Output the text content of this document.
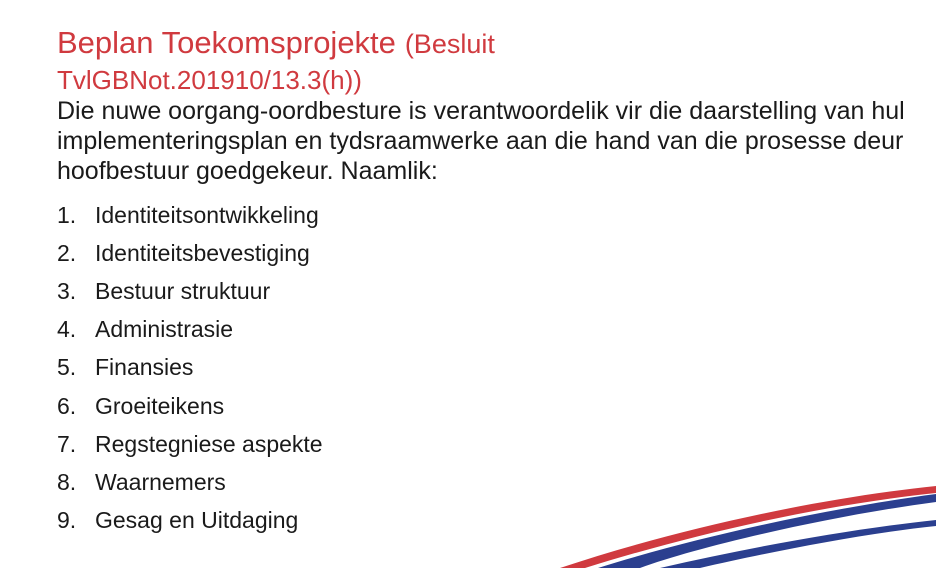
Beplan Toekomsprojekte (Besluit
TvlGBNot.201910/13.3(h))

Die nuwe oorgang-oordbesture is verantwoordelik vir die daarstelling van hul implementeringsplan en tydsraamwerke aan die hand van die prosesse deur hoofbestuur goedgekeur. Naamlik:

1. Identiteitsontwikkeling
2. Identiteitsbevestiging
3. Bestuur struktuur
4. Administrasie
5. Finansies
6. Groeiteikens
7. Regstegniese aspekte
8. Waarnemers
9. Gesag en Uitdaging
